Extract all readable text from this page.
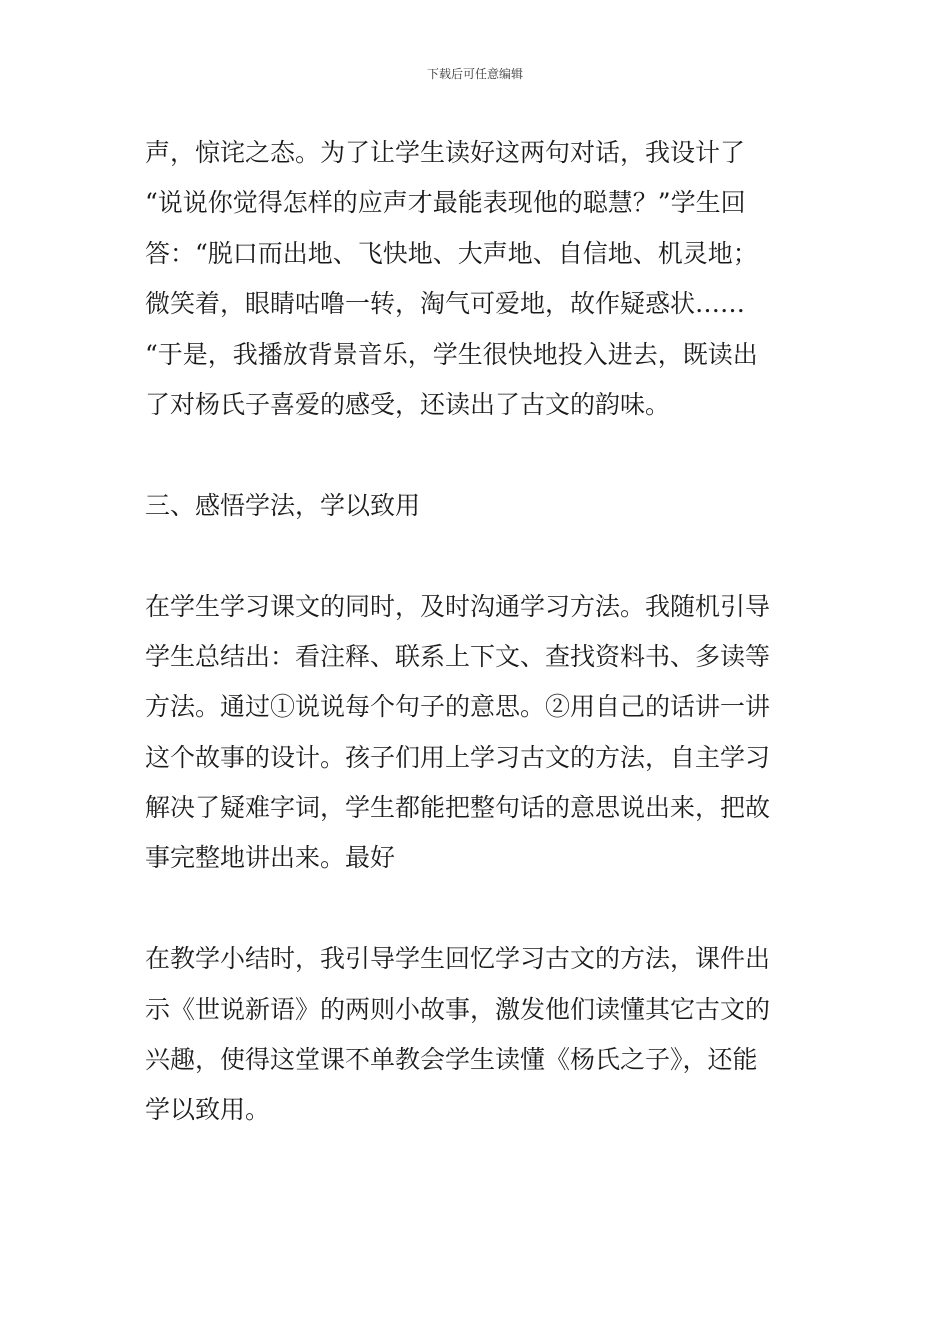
下载后可任意编辑
声，惊诧之态。为了让学生读好这两句对话，我设计了
“说说你觉得怎样的应声才最能表现他的聪慧？”学生回
答：“脱口而出地、飞快地、大声地、自信地、机灵地；
微笑着，眼睛咕噜一转，淘气可爱地，故作疑惑状……
“于是，我播放背景音乐，学生很快地投入进去，既读出
了对杨氏子喜爱的感受，还读出了古文的韵味。
三、感悟学法，学以致用
在学生学习课文的同时，及时沟通学习方法。我随机引导
学生总结出：看注释、联系上下文、查找资料书、多读等
方法。通过①说说每个句子的意思。②用自己的话讲一讲
这个故事的设计。孩子们用上学习古文的方法，自主学习
解决了疑难字词，学生都能把整句话的意思说出来，把故
事完整地讲出来。最好
在教学小结时，我引导学生回忆学习古文的方法，课件出
示《世说新语》的两则小故事，激发他们读懂其它古文的
兴趣，使得这堂课不单教会学生读懂《杨氏之子》，还能
学以致用。
